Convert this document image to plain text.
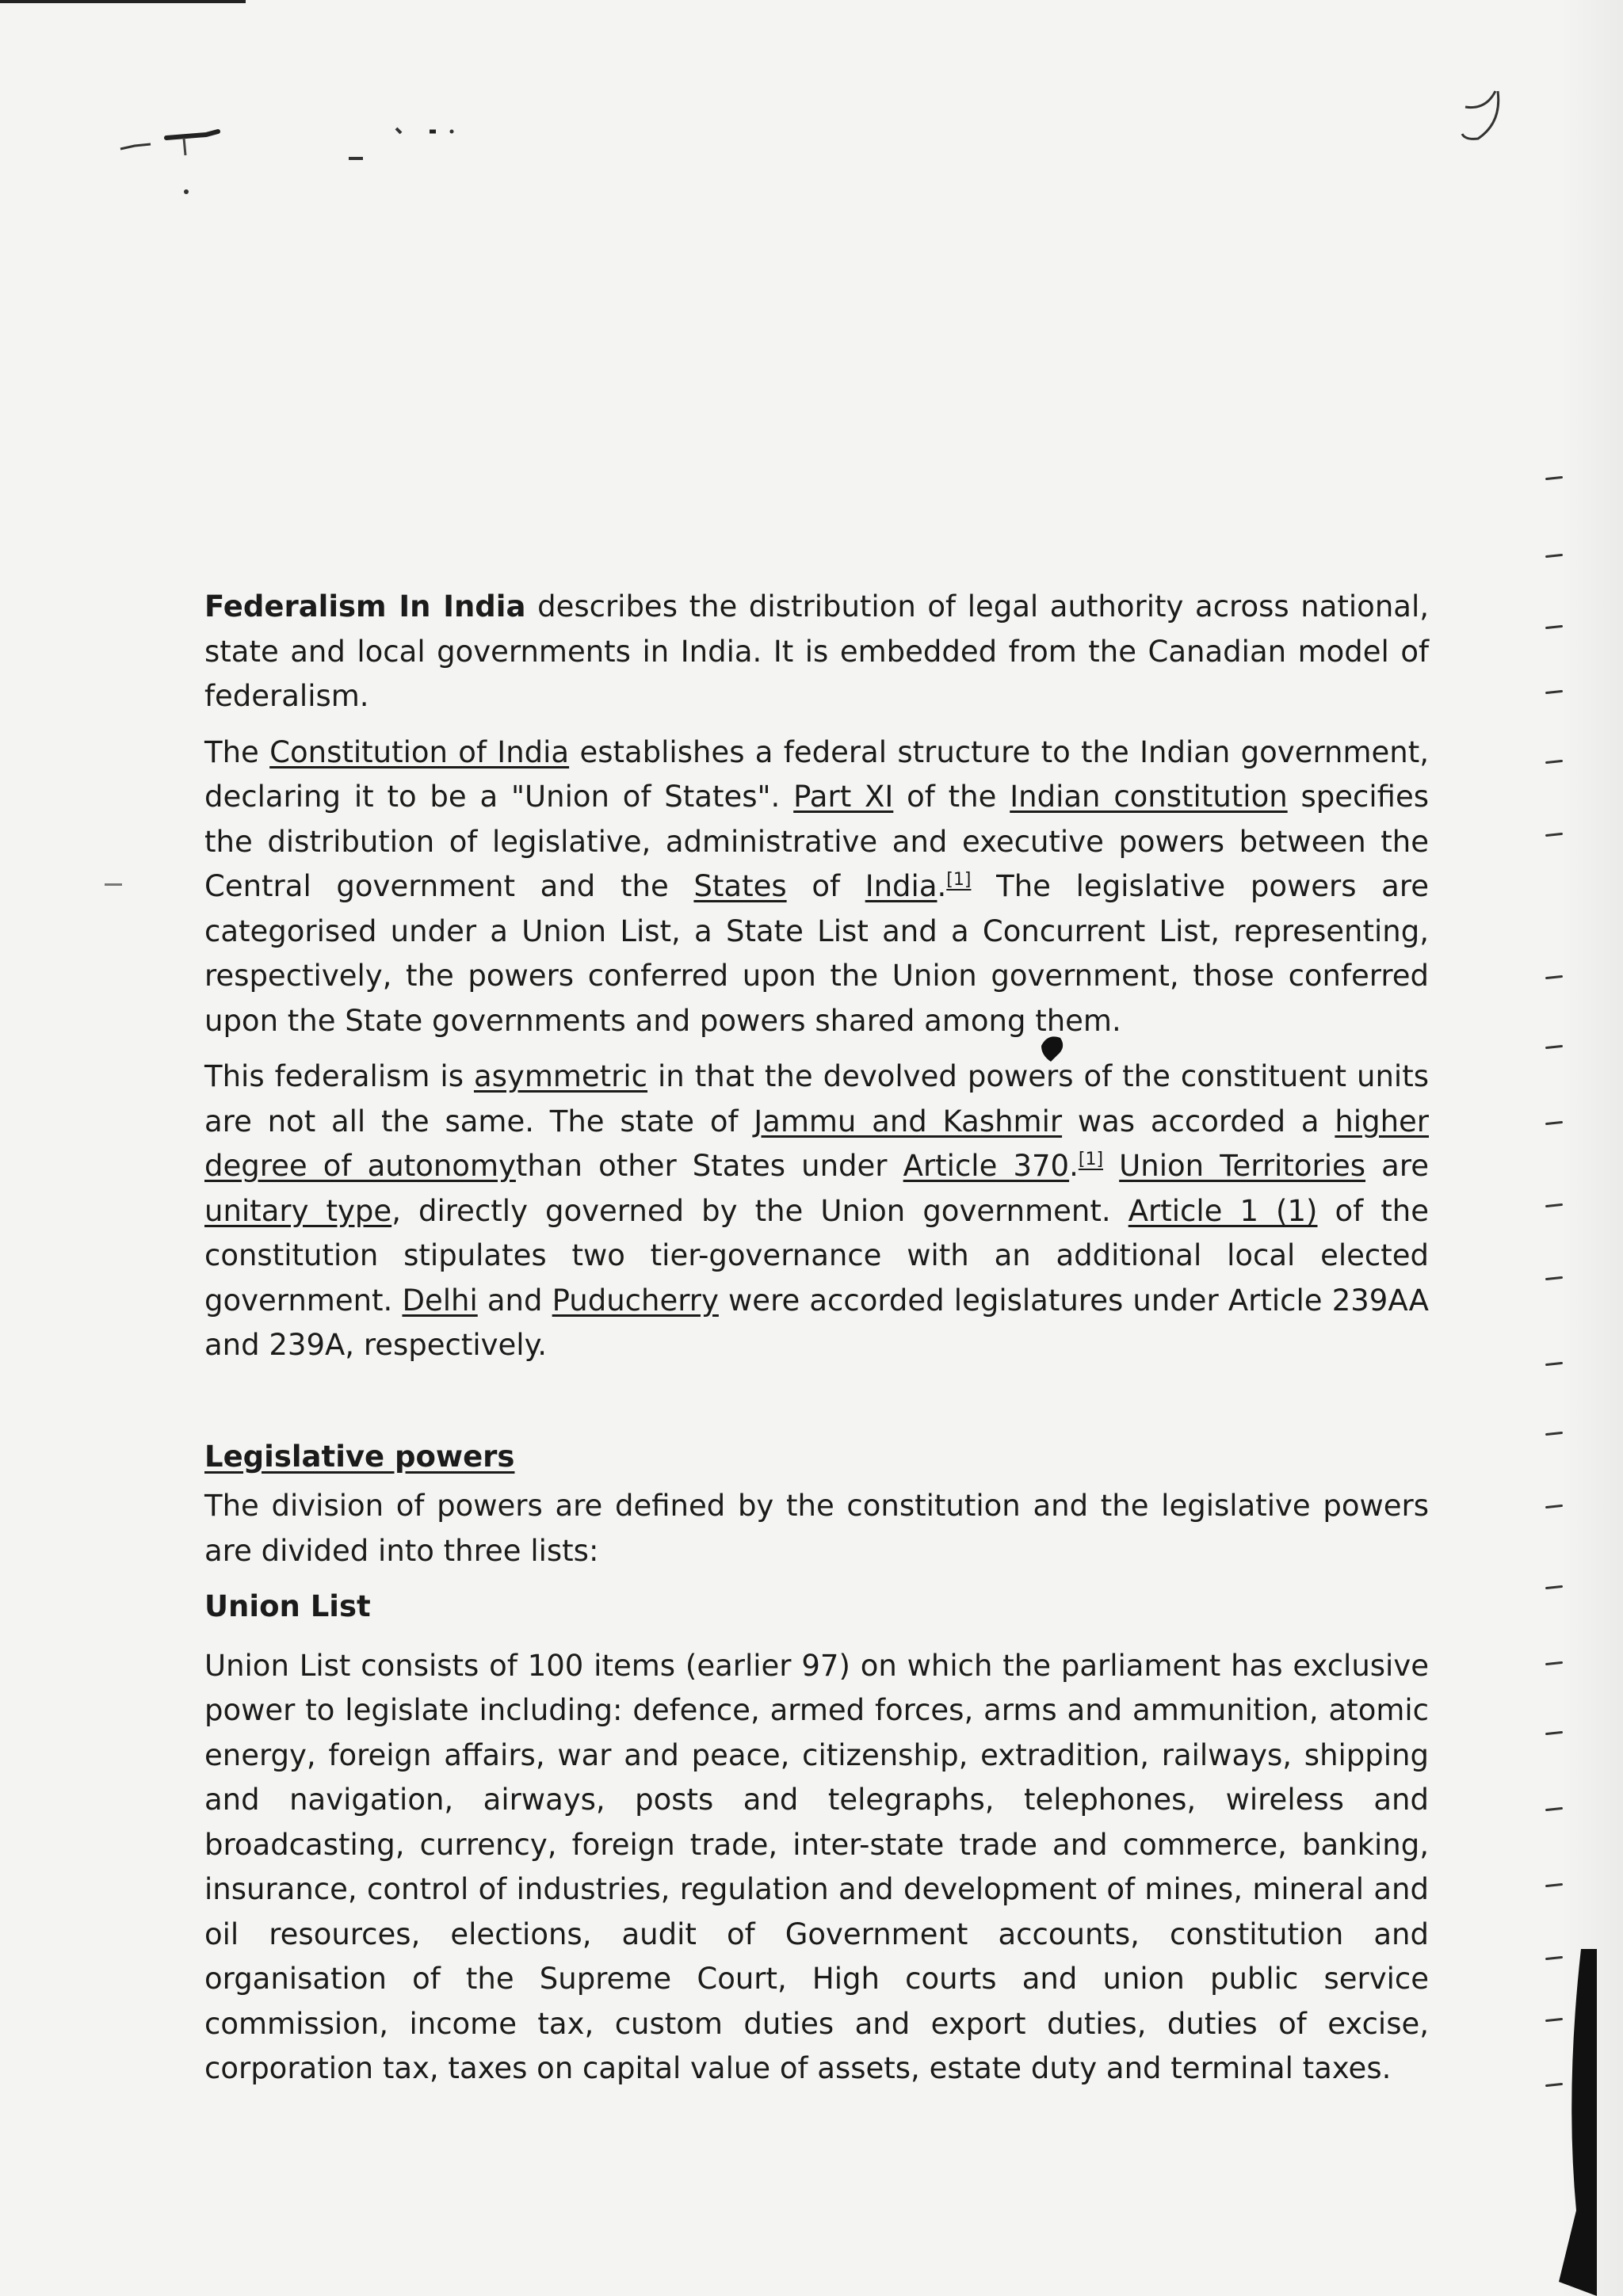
Federalism In India describes the distribution of legal authority across national, state and local governments in India. It is embedded from the Canadian model of federalism.

The Constitution of India establishes a federal structure to the Indian government, declaring it to be a "Union of States". Part XI of the Indian constitution specifies the distribution of legislative, administrative and executive powers between the Central government and the States of India.[1] The legislative powers are categorised under a Union List, a State List and a Concurrent List, representing, respectively, the powers conferred upon the Union government, those conferred upon the State governments and powers shared among them.

This federalism is asymmetric in that the devolved powers of the constituent units are not all the same. The state of Jammu and Kashmir was accorded a higher degree of autonomythan other States under Article 370.[1] Union Territories are unitary type, directly governed by the Union government. Article 1 (1) of the constitution stipulates two tier-governance with an additional local elected government. Delhi and Puducherry were accorded legislatures under Article 239AA and 239A, respectively.

Legislative powers

The division of powers are defined by the constitution and the legislative powers are divided into three lists:

Union List

Union List consists of 100 items (earlier 97) on which the parliament has exclusive power to legislate including: defence, armed forces, arms and ammunition, atomic energy, foreign affairs, war and peace, citizenship, extradition, railways, shipping and navigation, airways, posts and telegraphs, telephones, wireless and broadcasting, currency, foreign trade, inter-state trade and commerce, banking, insurance, control of industries, regulation and development of mines, mineral and oil resources, elections, audit of Government accounts, constitution and organisation of the Supreme Court, High courts and union public service commission, income tax, custom duties and export duties, duties of excise, corporation tax, taxes on capital value of assets, estate duty and terminal taxes.
